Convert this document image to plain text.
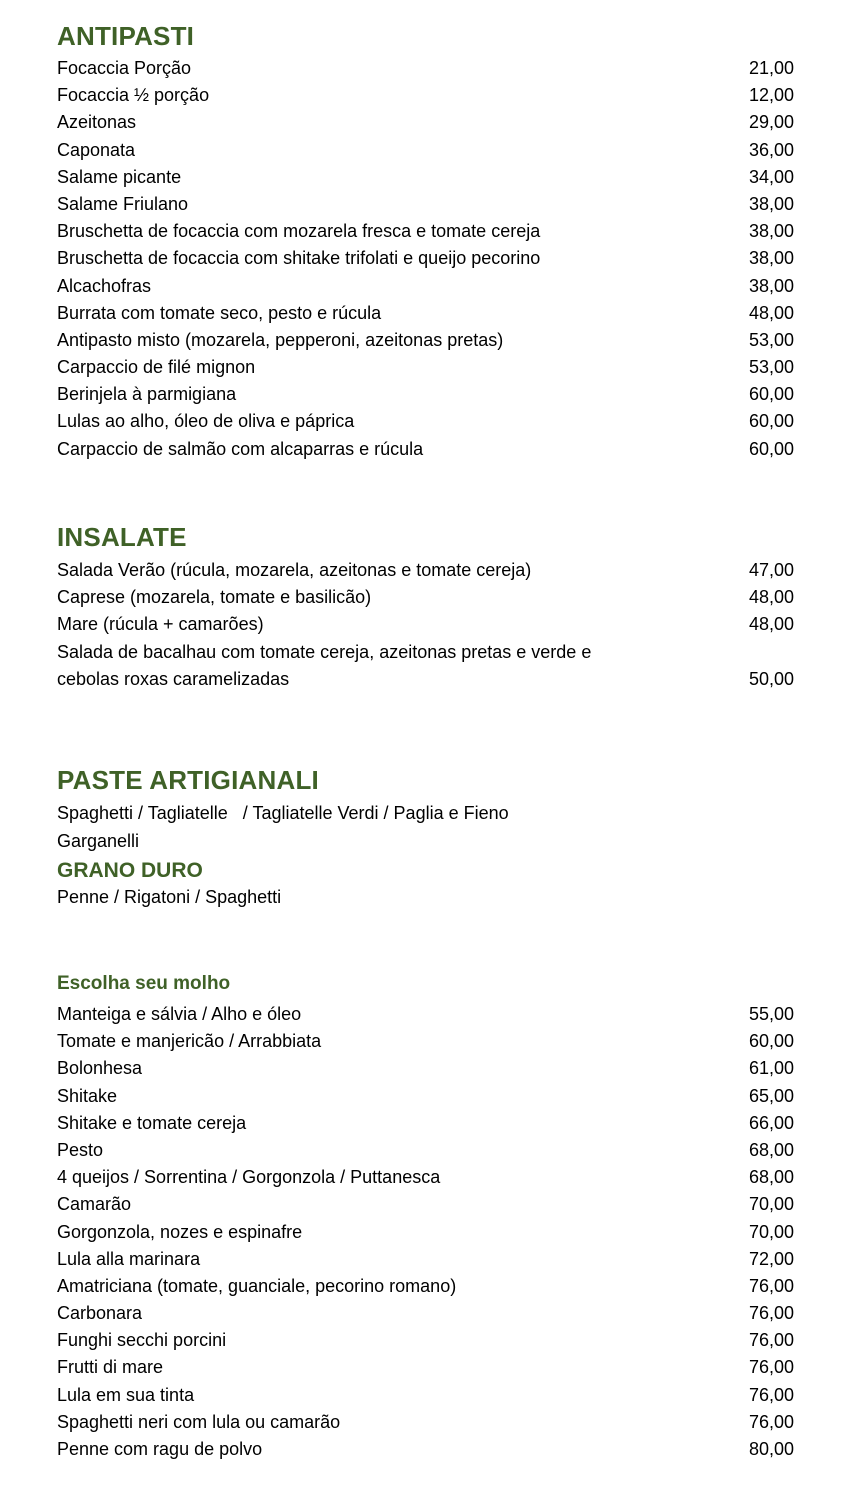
ANTIPASTI
Focaccia Porção	21,00
Focaccia ½ porção	12,00
Azeitonas	29,00
Caponata	36,00
Salame picante	34,00
Salame Friulano	38,00
Bruschetta de focaccia com mozarela fresca e tomate cereja	38,00
Bruschetta de focaccia com shitake trifolati e queijo pecorino	38,00
Alcachofras	38,00
Burrata com tomate seco, pesto e rúcula	48,00
Antipasto misto (mozarela, pepperoni, azeitonas pretas)	53,00
Carpaccio de filé mignon	53,00
Berinjela à parmigiana	60,00
Lulas ao alho, óleo de oliva e páprica	60,00
Carpaccio de salmão com alcaparras e rúcula	60,00
INSALATE
Salada Verão (rúcula, mozarela, azeitonas e tomate cereja)	47,00
Caprese (mozarela, tomate e basilicão)	48,00
Mare (rúcula + camarões)	48,00
Salada de bacalhau com tomate cereja, azeitonas pretas e verde e cebolas roxas caramelizadas	50,00
PASTE ARTIGIANALI
Spaghetti / Tagliatelle   / Tagliatelle Verdi / Paglia e Fieno
Garganelli
GRANO DURO
Penne / Rigatoni / Spaghetti
Escolha seu molho
Manteiga e sálvia / Alho e óleo	55,00
Tomate e manjericão / Arrabbiata	60,00
Bolonhesa	61,00
Shitake	65,00
Shitake e tomate cereja	66,00
Pesto	68,00
4 queijos / Sorrentina / Gorgonzola / Puttanesca	68,00
Camarão	70,00
Gorgonzola, nozes e espinafre	70,00
Lula alla marinara	72,00
Amatriciana (tomate, guanciale, pecorino romano)	76,00
Carbonara	76,00
Funghi secchi porcini	76,00
Frutti di mare	76,00
Lula em sua tinta	76,00
Spaghetti neri com lula ou camarão	76,00
Penne com ragu de polvo	80,00
